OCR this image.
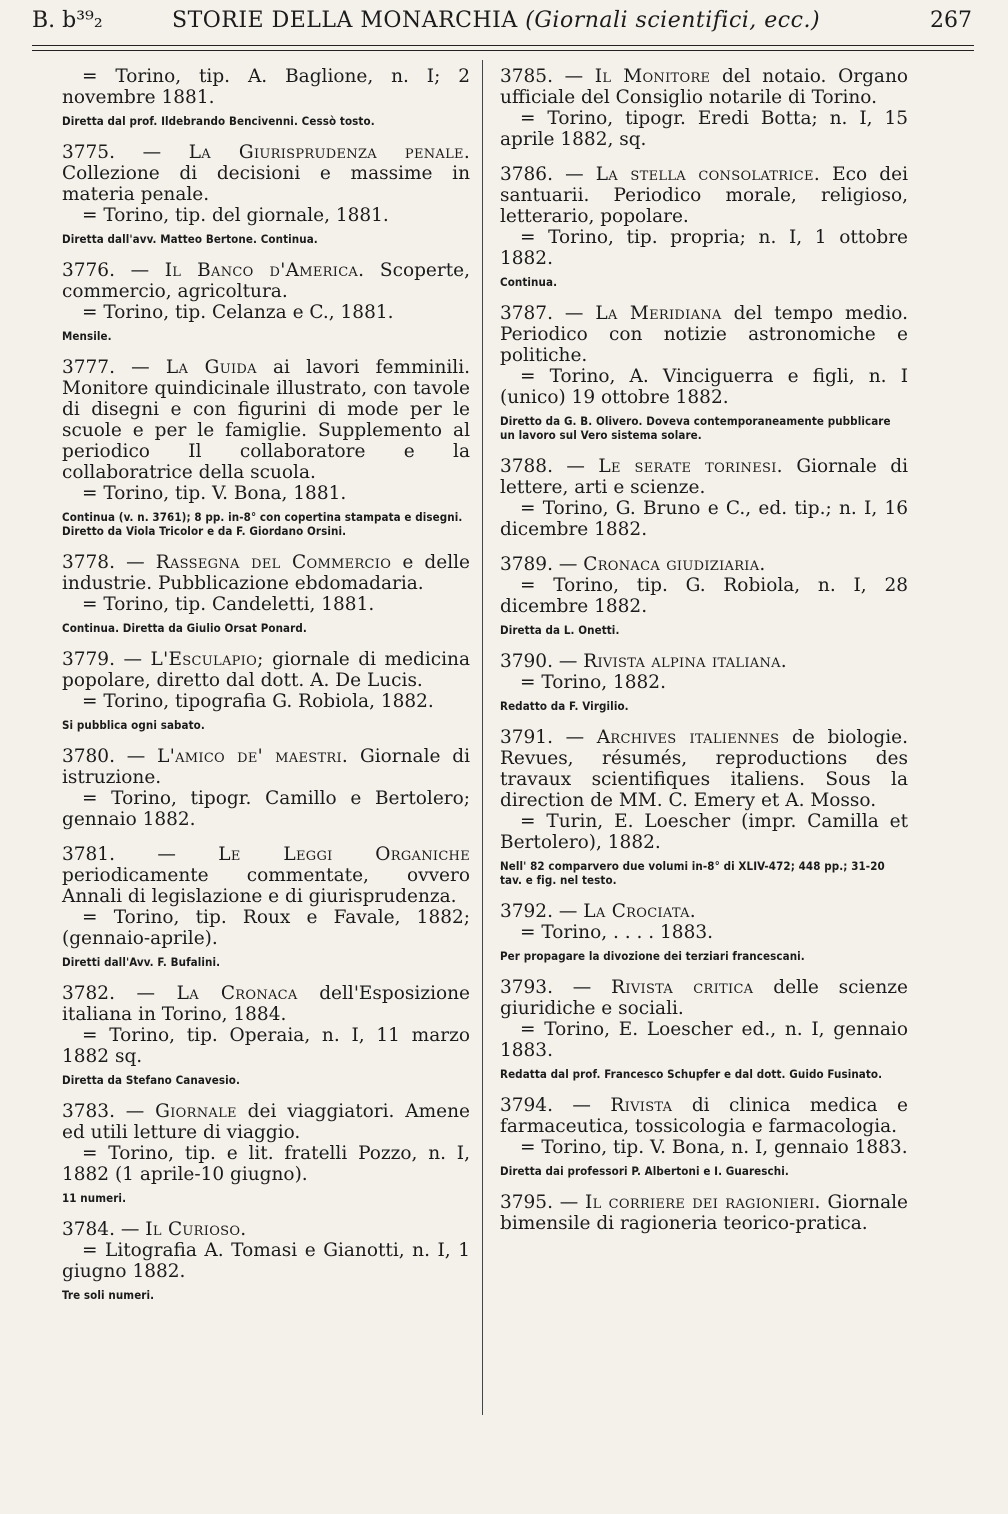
B. b³⁹₂	STORIE DELLA MONARCHIA (Giornali scientifici, ecc.)	267
= Torino, tip. A. Baglione, n. I; 2 novembre 1881.
Diretta dal prof. Ildebrando Bencivenni. Cessò tosto.
3775. — La Giurisprudenza penale. Collezione di decisioni e massime in materia penale.
= Torino, tip. del giornale, 1881.
Diretta dall'avv. Matteo Bertone. Continua.
3776. — Il Banco d'America. Scoperte, commercio, agricoltura.
= Torino, tip. Celanza e C., 1881.
Mensile.
3777. — La Guida ai lavori femminili. Monitore quindicinale illustrato, con tavole di disegni e con figurini di mode per le scuole e per le famiglie. Supplemento al periodico Il collaboratore e la collaboratrice della scuola.
= Torino, tip. V. Bona, 1881.
Continua (v. n. 3761); 8 pp. in-8° con copertina stampata e disegni. Diretto da Viola Tricolor e da F. Giordano Orsini.
3778. — Rassegna del Commercio e delle industrie. Pubblicazione ebdomadaria.
= Torino, tip. Candeletti, 1881.
Continua. Diretta da Giulio Orsat Ponard.
3779. — L'Esculapio; giornale di medicina popolare, diretto dal dott. A. De Lucis.
= Torino, tipografia G. Robiola, 1882.
Si pubblica ogni sabato.
3780. — L'amico de' maestri. Giornale di istruzione.
= Torino, tipogr. Camillo e Bertolero; gennaio 1882.
3781. — Le Leggi Organiche periodicamente commentate, ovvero Annali di legislazione e di giurisprudenza.
= Torino, tip. Roux e Favale, 1882; (gennaio-aprile).
Diretti dall'Avv. F. Bufalini.
3782. — La Cronaca dell'Esposizione italiana in Torino, 1884.
= Torino, tip. Operaia, n. I, 11 marzo 1882 sq.
Diretta da Stefano Canavesio.
3783. — Giornale dei viaggiatori. Amene ed utili letture di viaggio.
= Torino, tip. e lit. fratelli Pozzo, n. I, 1882 (1 aprile-10 giugno).
11 numeri.
3784. — Il Curioso.
= Litografia A. Tomasi e Gianotti, n. I, 1 giugno 1882.
Tre soli numeri.
3785. — Il Monitore del notaio. Organo ufficiale del Consiglio notarile di Torino.
= Torino, tipogr. Eredi Botta; n. I, 15 aprile 1882, sq.
3786. — La stella consolatrice. Eco dei santuarii. Periodico morale, religioso, letterario, popolare.
= Torino, tip. propria; n. I, 1 ottobre 1882.
Continua.
3787. — La Meridiana del tempo medio. Periodico con notizie astronomiche e politiche.
= Torino, A. Vinciguerra e figli, n. I (unico) 19 ottobre 1882.
Diretto da G. B. Olivero. Doveva contemporaneamente pubblicare un lavoro sul Vero sistema solare.
3788. — Le serate torinesi. Giornale di lettere, arti e scienze.
= Torino, G. Bruno e C., ed. tip.; n. I, 16 dicembre 1882.
3789. — Cronaca giudiziaria.
= Torino, tip. G. Robiola, n. I, 28 dicembre 1882.
Diretta da L. Onetti.
3790. — Rivista alpina italiana.
= Torino, 1882.
Redatto da F. Virgilio.
3791. — Archives italiennes de biologie. Revues, résumés, reproductions des travaux scientifiques italiens. Sous la direction de MM. C. Emery et A. Mosso.
= Turin, E. Loescher (impr. Camilla et Bertolero), 1882.
Nell' 82 comparvero due volumi in-8° di XLIV-472; 448 pp.; 31-20 tav. e fig. nel testo.
3792. — La Crociata.
= Torino, . . . . 1883.
Per propagare la divozione dei terziari francescani.
3793. — Rivista critica delle scienze giuridiche e sociali.
= Torino, E. Loescher ed., n. I, gennaio 1883.
Redatta dal prof. Francesco Schupfer e dal dott. Guido Fusinato.
3794. — Rivista di clinica medica e farmaceutica, tossicologia e farmacologia.
= Torino, tip. V. Bona, n. I, gennaio 1883.
Diretta dai professori P. Albertoni e I. Guareschi.
3795. — Il corriere dei ragionieri. Giornale bimensile di ragioneria teorico-pratica.
